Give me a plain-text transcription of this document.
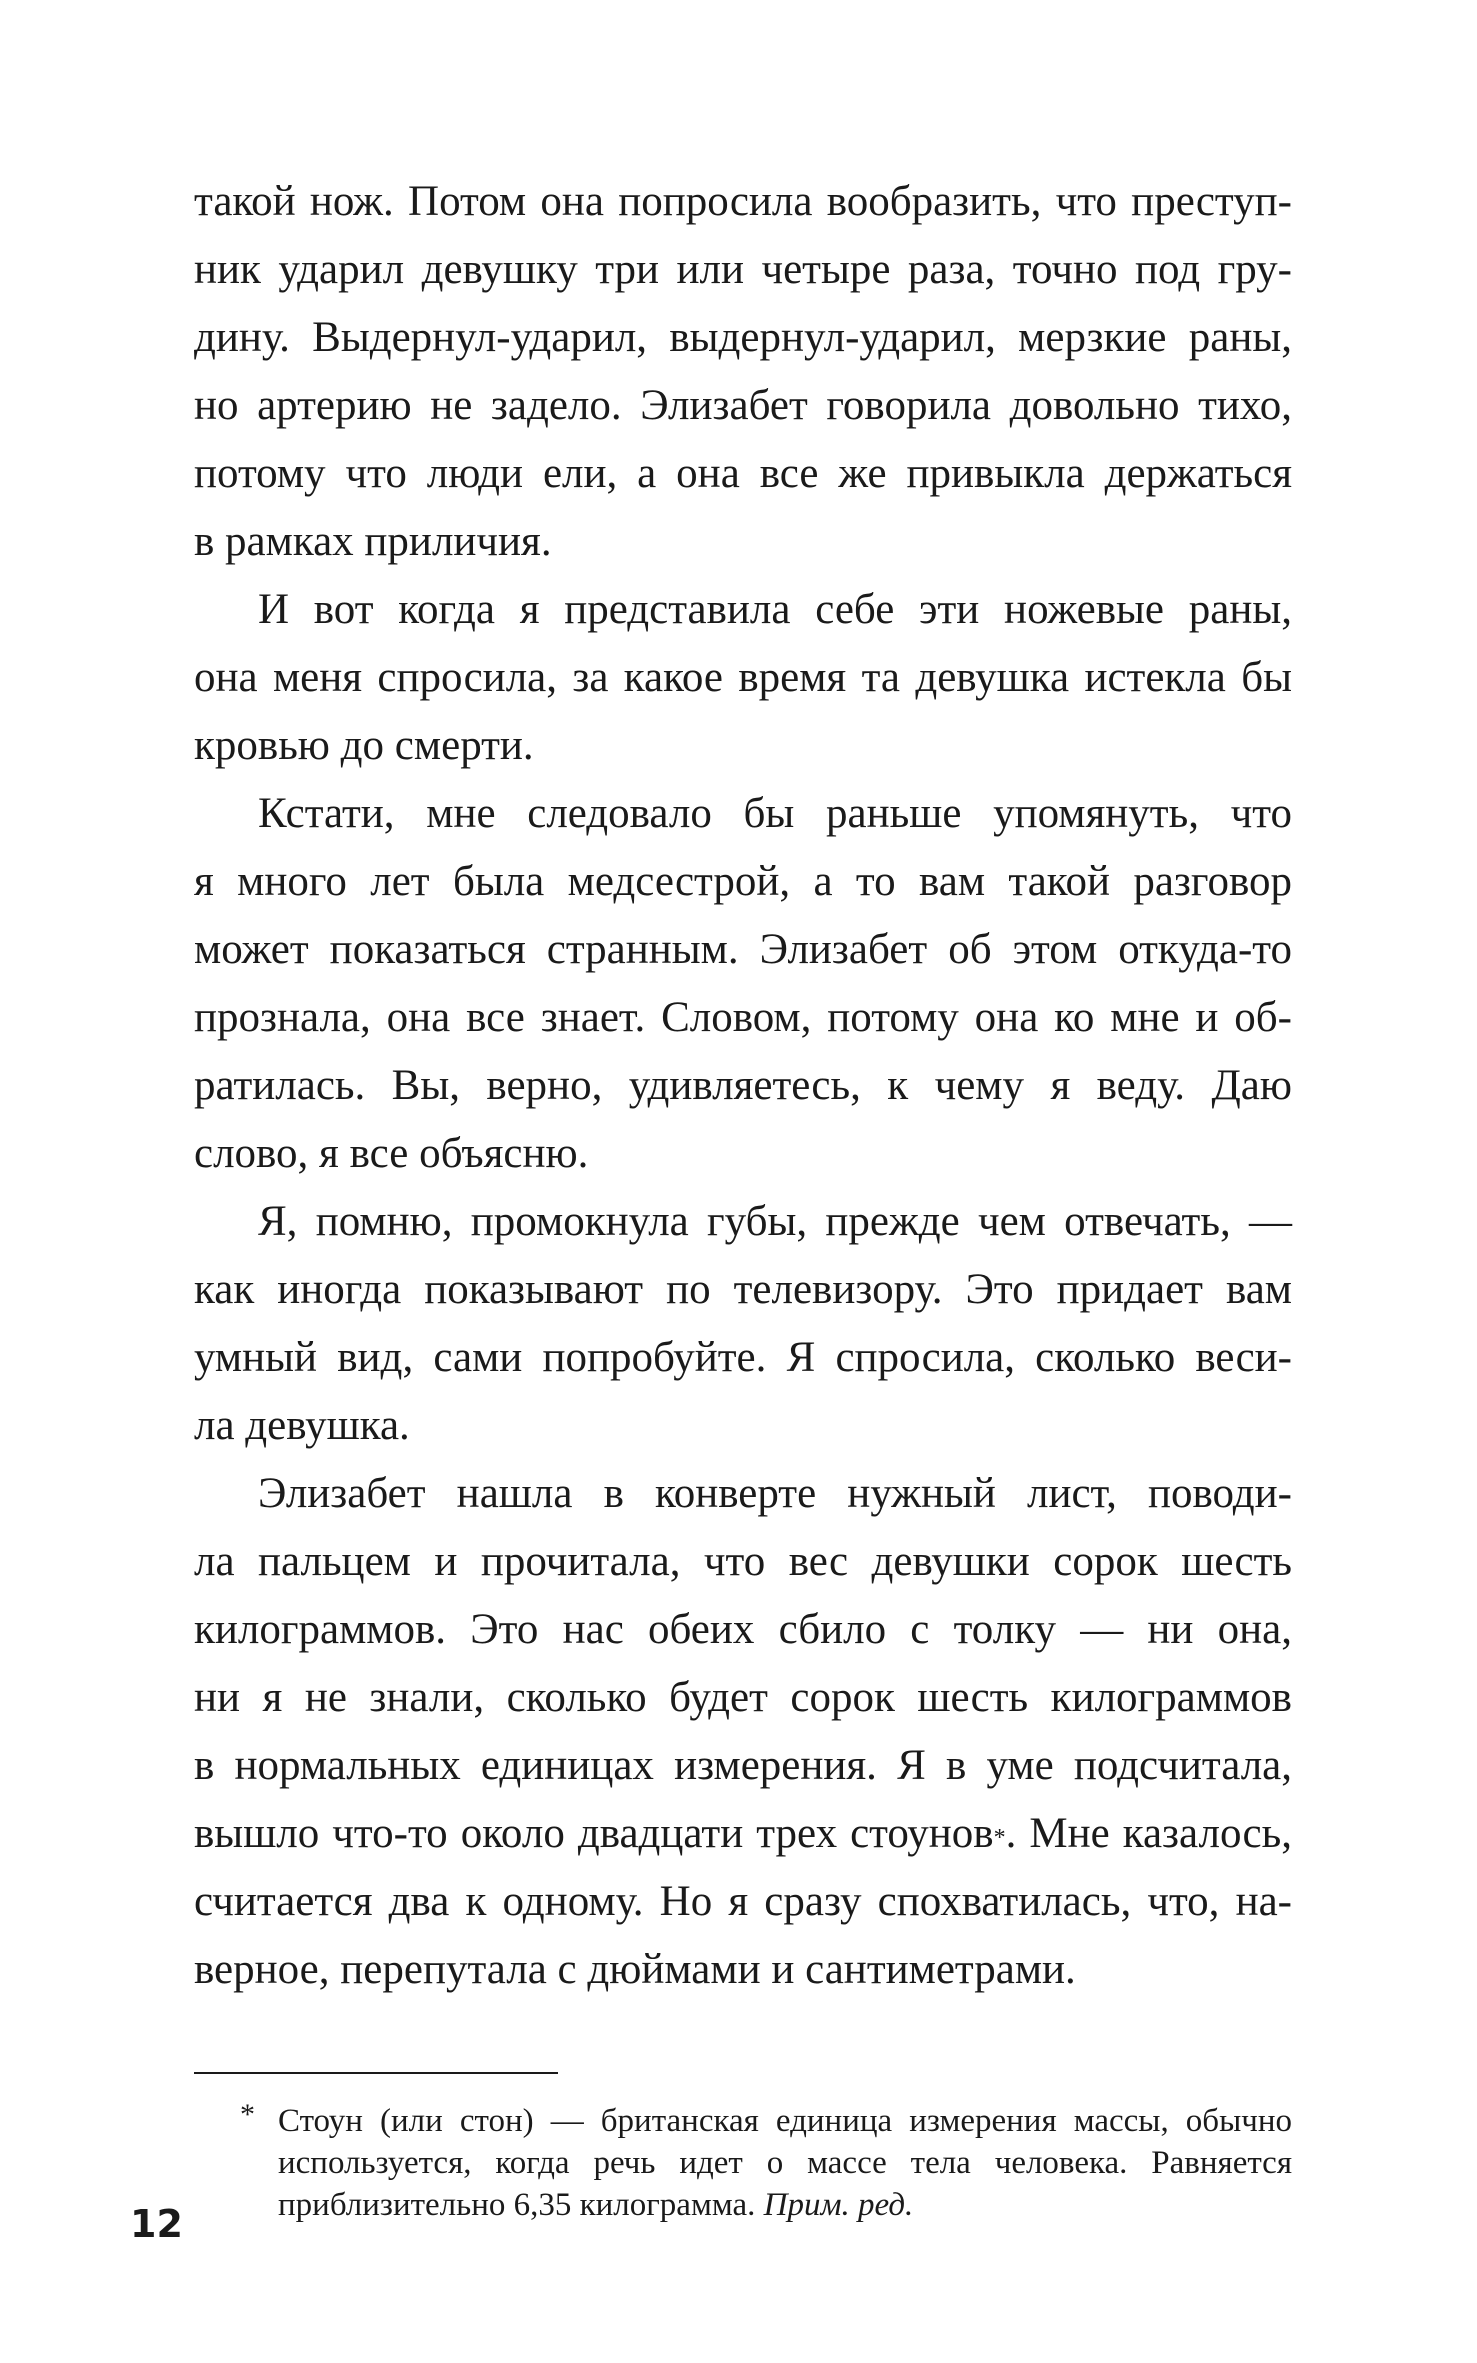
такой нож. Потом она попросила вообразить, что преступ-
ник ударил девушку три или четыре раза, точно под гру-
дину. Выдернул-ударил, выдернул-ударил, мерзкие раны,
но артерию не задело. Элизабет говорила довольно тихо,
потому что люди ели, а она все же привыкла держаться
в рамках приличия.
И вот когда я представила себе эти ножевые раны,
она меня спросила, за какое время та девушка истекла бы
кровью до смерти.
Кстати, мне следовало бы раньше упомянуть, что
я много лет была медсестрой, а то вам такой разговор
может показаться странным. Элизабет об этом откуда-то
прознала, она все знает. Словом, потому она ко мне и об-
ратилась. Вы, верно, удивляетесь, к чему я веду. Даю
слово, я все объясню.
Я, помню, промокнула губы, прежде чем отвечать, —
как иногда показывают по телевизору. Это придает вам
умный вид, сами попробуйте. Я спросила, сколько веси-
ла девушка.
Элизабет нашла в конверте нужный лист, поводи-
ла пальцем и прочитала, что вес девушки сорок шесть
килограммов. Это нас обеих сбило с толку — ни она,
ни я не знали, сколько будет сорок шесть килограммов
в нормальных единицах измерения. Я в уме подсчитала,
вышло что-то около двадцати трех стоунов*. Мне казалось,
считается два к одному. Но я сразу спохватилась, что, на-
верное, перепутала с дюймами и сантиметрами.
* Стоун (или стон) — британская единица измерения массы, обычно
используется, когда речь идет о массе тела человека. Равняется
приблизительно 6,35 килограмма. Прим. ред.
12
